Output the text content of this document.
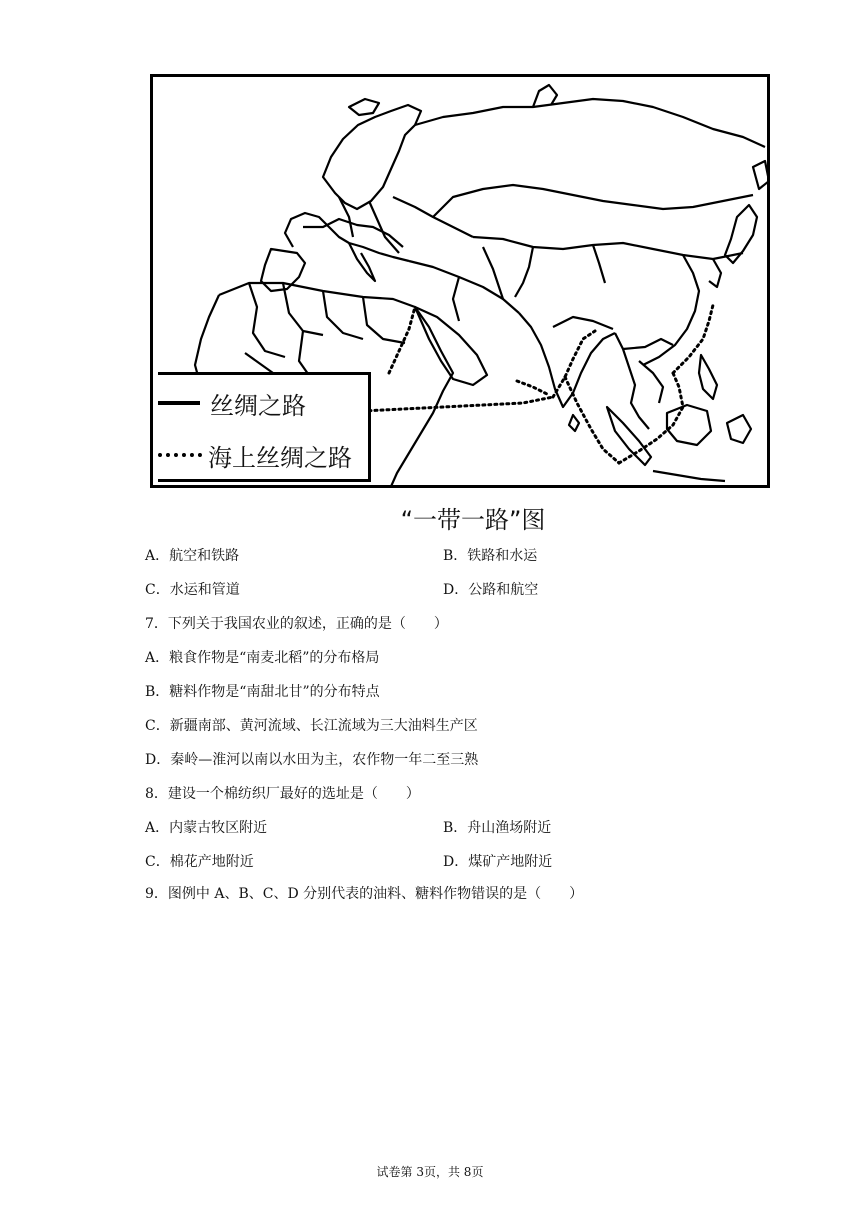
丝绸之路
海上丝绸之路
“一带一路”图
A．航空和铁路	B．铁路和水运
C．水运和管道	D．公路和航空
7．下列关于我国农业的叙述，正确的是（　　）
A．粮食作物是“南麦北稻”的分布格局
B．糖料作物是“南甜北甘”的分布特点
C．新疆南部、黄河流域、长江流域为三大油料生产区
D．秦岭—淮河以南以水田为主，农作物一年二至三熟
8．建设一个棉纺织厂最好的选址是（　　）
A．内蒙古牧区附近	B．舟山渔场附近
C．棉花产地附近	D．煤矿产地附近
9．图例中 A、B、C、D 分别代表的油料、糖料作物错误的是（　　）
试卷第 3页，共 8页
